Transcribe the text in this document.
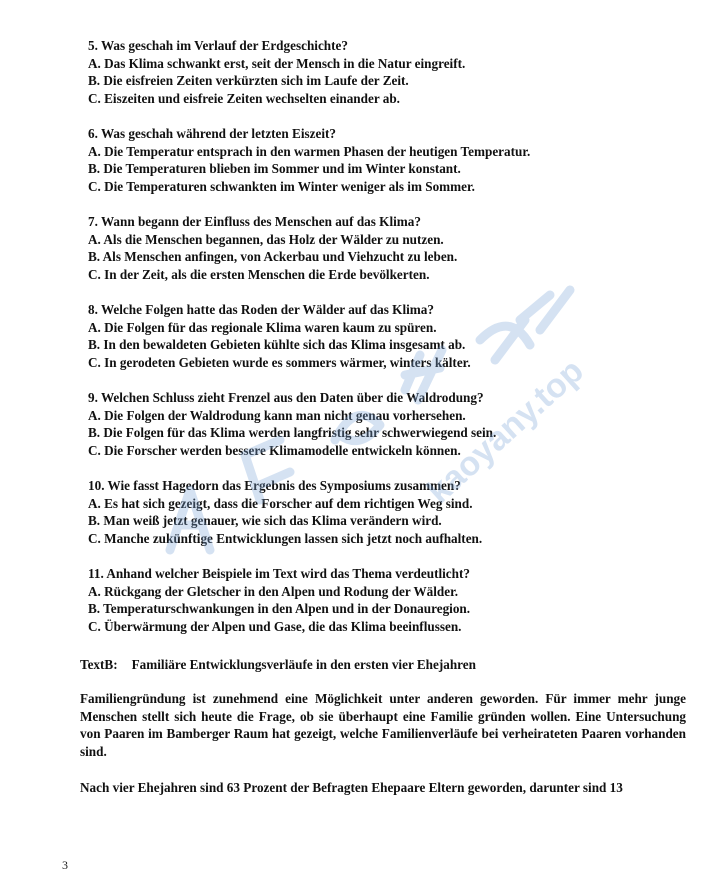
5. Was geschah im Verlauf der Erdgeschichte?
A. Das Klima schwankt erst, seit der Mensch in die Natur eingreift.
B. Die eisfreien Zeiten verkürzten sich im Laufe der Zeit.
C. Eiszeiten und eisfreie Zeiten wechselten einander ab.
6. Was geschah während der letzten Eiszeit?
A. Die Temperatur entsprach in den warmen Phasen der heutigen Temperatur.
B. Die Temperaturen blieben im Sommer und im Winter konstant.
C. Die Temperaturen schwankten im Winter weniger als im Sommer.
7. Wann begann der Einfluss des Menschen auf das Klima?
A. Als die Menschen begannen, das Holz der Wälder zu nutzen.
B. Als Menschen anfingen, von Ackerbau und Viehzucht zu leben.
C. In der Zeit, als die ersten Menschen die Erde bevölkerten.
8. Welche Folgen hatte das Roden der Wälder auf das Klima?
A. Die Folgen für das regionale Klima waren kaum zu spüren.
B. In den bewaldeten Gebieten kühlte sich das Klima insgesamt ab.
C. In gerodeten Gebieten wurde es sommers wärmer, winters kälter.
9. Welchen Schluss zieht Frenzel aus den Daten über die Waldrodung?
A. Die Folgen der Waldrodung kann man nicht genau vorhersehen.
B. Die Folgen für das Klima werden langfristig sehr schwerwiegend sein.
C. Die Forscher werden bessere Klimamodelle entwickeln können.
10. Wie fasst Hagedorn das Ergebnis des Symposiums zusammen?
A. Es hat sich gezeigt, dass die Forscher auf dem richtigen Weg sind.
B. Man weiß jetzt genauer, wie sich das Klima verändern wird.
C. Manche zukünftige Entwicklungen lassen sich jetzt noch aufhalten.
11. Anhand welcher Beispiele im Text wird das Thema verdeutlicht?
A. Rückgang der Gletscher in den Alpen und Rodung der Wälder.
B. Temperaturschwankungen in den Alpen und in der Donauregion.
C. Überwärmung der Alpen und Gase, die das Klima beeinflussen.
TextB: Familiäre Entwicklungsverläufe in den ersten vier Ehejahren
Familiengründung ist zunehmend eine Möglichkeit unter anderen geworden. Für immer mehr junge Menschen stellt sich heute die Frage, ob sie überhaupt eine Familie gründen wollen. Eine Untersuchung von Paaren im Bamberger Raum hat gezeigt, welche Familienverläufe bei verheirateten Paaren vorhanden sind.
Nach vier Ehejahren sind 63 Prozent der Befragten Ehepaare Eltern geworden, darunter sind 13
3
kaoyany.top
